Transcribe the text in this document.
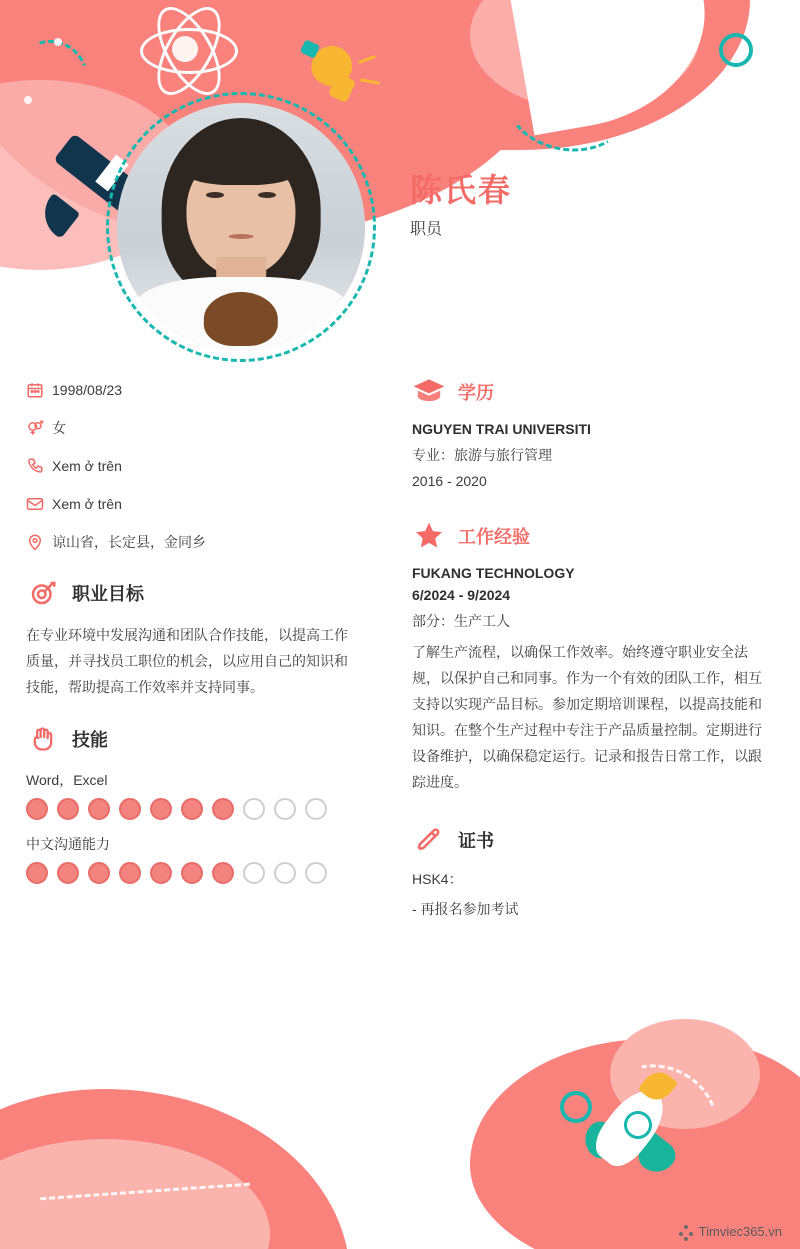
陈氏春
职员
1998/08/23
女
Xem ở trên
Xem ở trên
谅山省，长定县，金同乡
职业目标
在专业环境中发展沟通和团队合作技能，以提高工作质量，并寻找员工职位的机会，以应用自己的知识和技能，帮助提高工作效率并支持同事。
技能
Word，Excel
中文沟通能力
学历
NGUYEN TRAI UNIVERSITI
专业：旅游与旅行管理
2016 - 2020
工作经验
FUKANG TECHNOLOGY
6/2024 - 9/2024
部分：生产工人
了解生产流程，以确保工作效率。始终遵守职业安全法规，以保护自己和同事。作为一个有效的团队工作，相互支持以实现产品目标。参加定期培训课程，以提高技能和知识。在整个生产过程中专注于产品质量控制。定期进行设备维护，以确保稳定运行。记录和报告日常工作，以跟踪进度。
证书
HSK4：
- 再报名参加考试
Timviec365.vn
